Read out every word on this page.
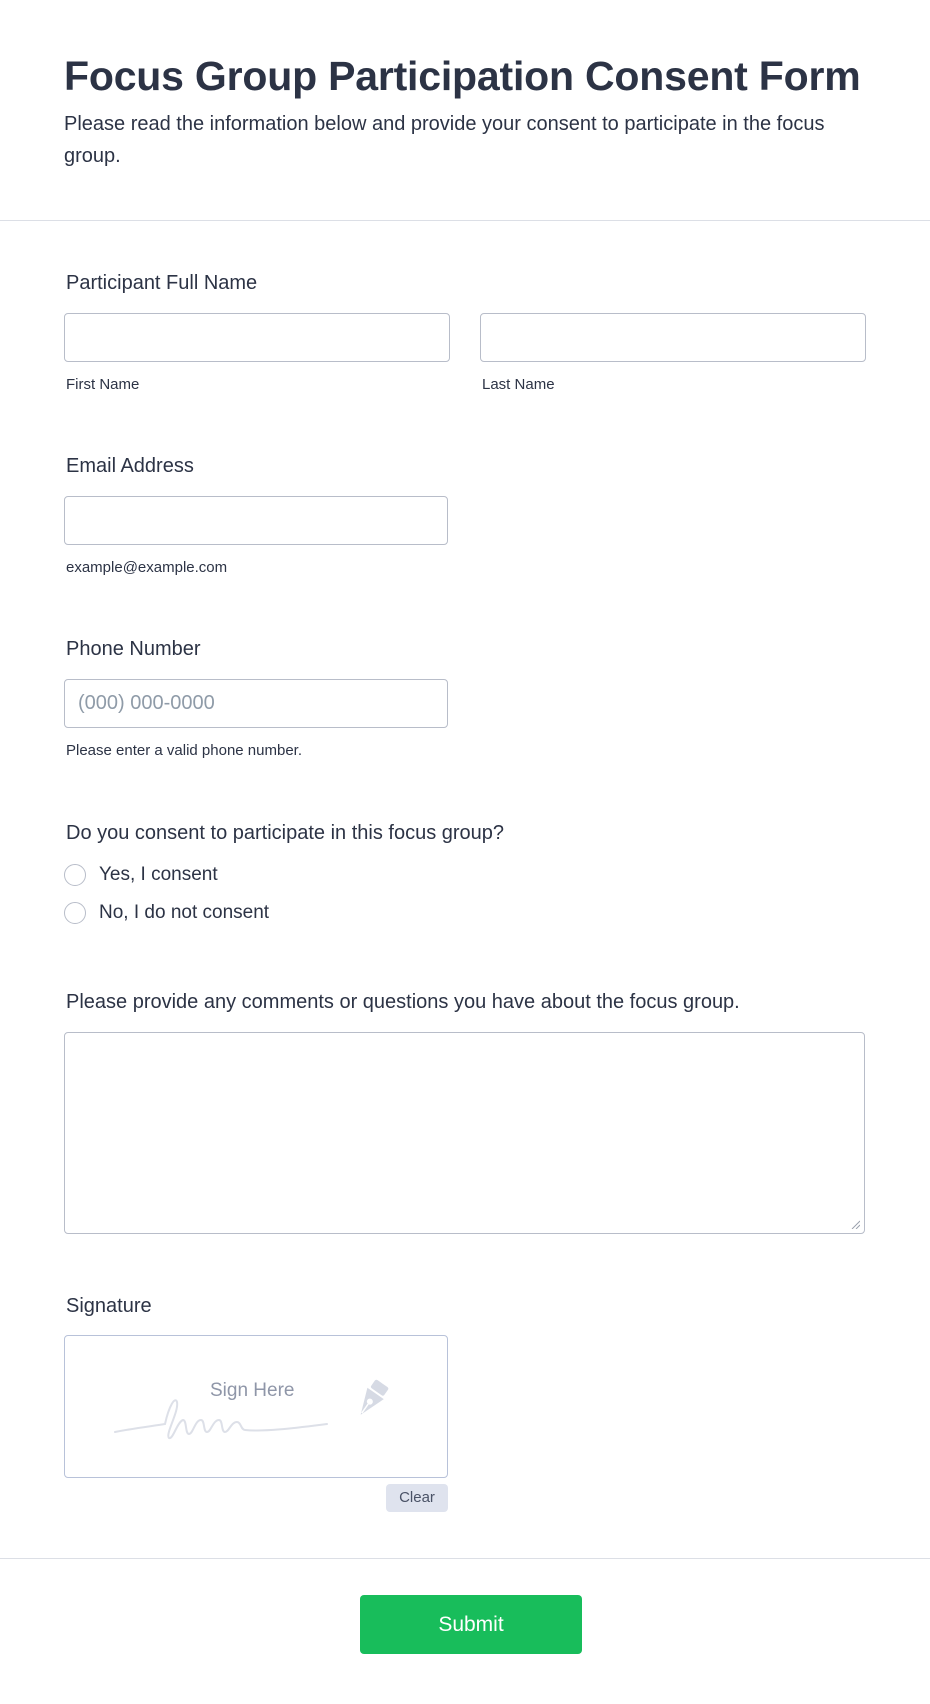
Focus Group Participation Consent Form
Please read the information below and provide your consent to participate in the focus group.
Participant Full Name
First Name	Last Name
Email Address
example@example.com
Phone Number
(000) 000-0000
Please enter a valid phone number.
Do you consent to participate in this focus group?
Yes, I consent
No, I do not consent
Please provide any comments or questions you have about the focus group.
Signature
Sign Here
Clear
Submit
